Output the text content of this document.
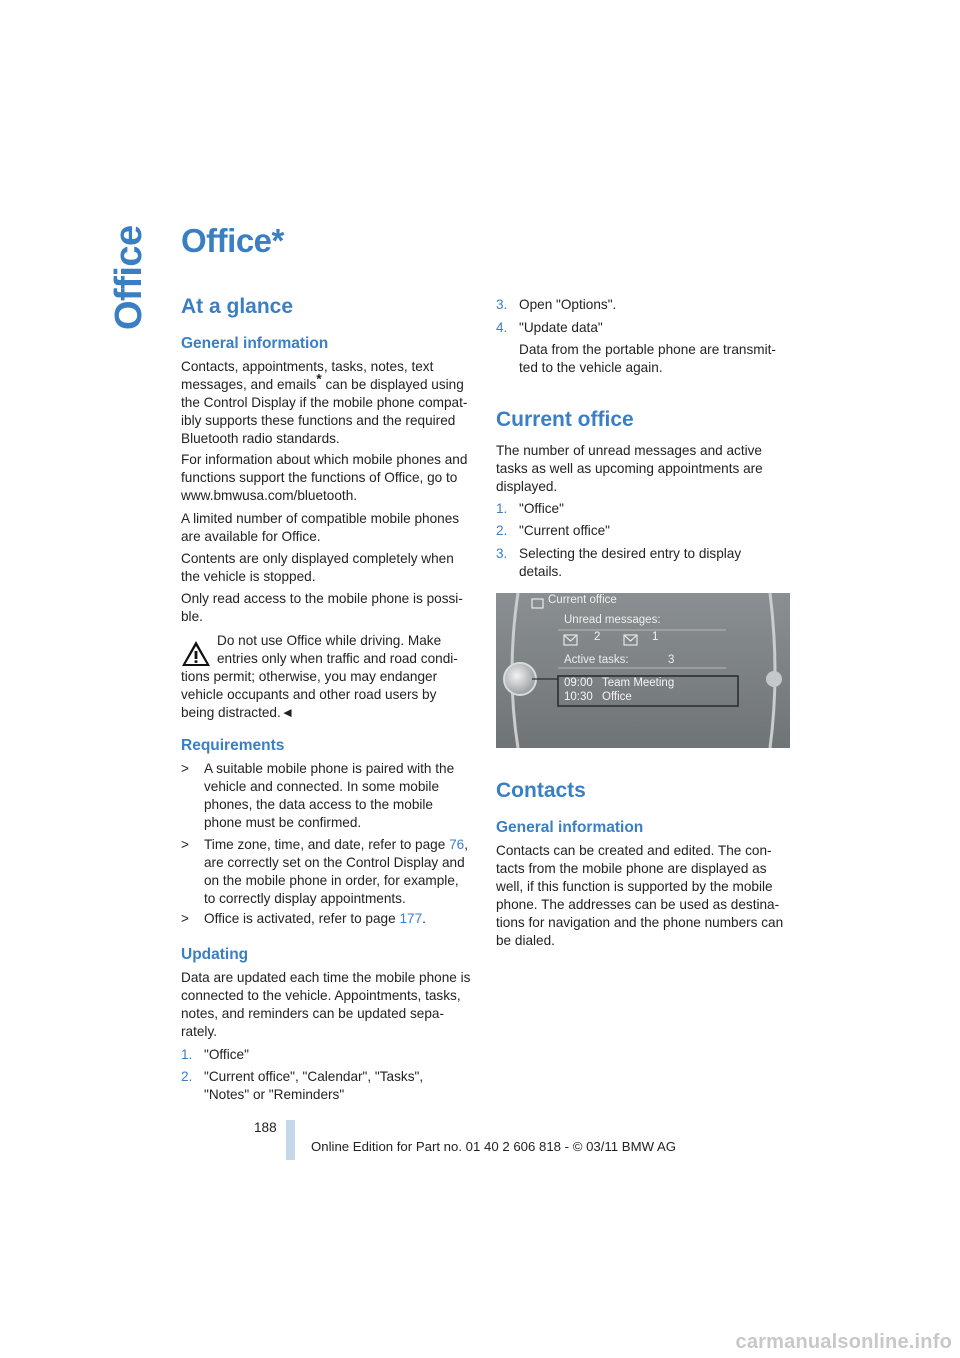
Office Office*
At a glance
General information
Contacts, appointments, tasks, notes, text
messages, and emails* can be displayed using
the Control Display if the mobile phone compat-
ibly supports these functions and the required
Bluetooth radio standards.
For information about which mobile phones and
functions support the functions of Office, go to
www.bmwusa.com/bluetooth.
A limited number of compatible mobile phones
are available for Office.
Contents are only displayed completely when
the vehicle is stopped.
Only read access to the mobile phone is possi-
ble.
Do not use Office while driving. Make
entries only when traffic and road condi-
tions permit; otherwise, you may endanger
vehicle occupants and other road users by
being distracted.◄
Requirements
> A suitable mobile phone is paired with the
vehicle and connected. In some mobile
phones, the data access to the mobile
phone must be confirmed.
> Time zone, time, and date, refer to page 76,
are correctly set on the Control Display and
on the mobile phone in order, for example,
to correctly display appointments.
> Office is activated, refer to page 177.
Updating
Data are updated each time the mobile phone is
connected to the vehicle. Appointments, tasks,
notes, and reminders can be updated sepa-
rately.
1. "Office"
2. "Current office", "Calendar", "Tasks",
"Notes" or "Reminders"
3. Open "Options".
4. "Update data"
Data from the portable phone are transmit-
ted to the vehicle again.
Current office
The number of unread messages and active
tasks as well as upcoming appointments are
displayed.
1. "Office"
2. "Current office"
3. Selecting the desired entry to display
details.
Current office
Unread messages:
2	1
Active tasks:	3
09:00 Team Meeting
10:30 Office
Contacts
General information
Contacts can be created and edited. The con-
tacts from the mobile phone are displayed as
well, if this function is supported by the mobile
phone. The addresses can be used as destina-
tions for navigation and the phone numbers can
be dialed.
188
Online Edition for Part no. 01 40 2 606 818 - © 03/11 BMW AG
carmanualsonline.info
